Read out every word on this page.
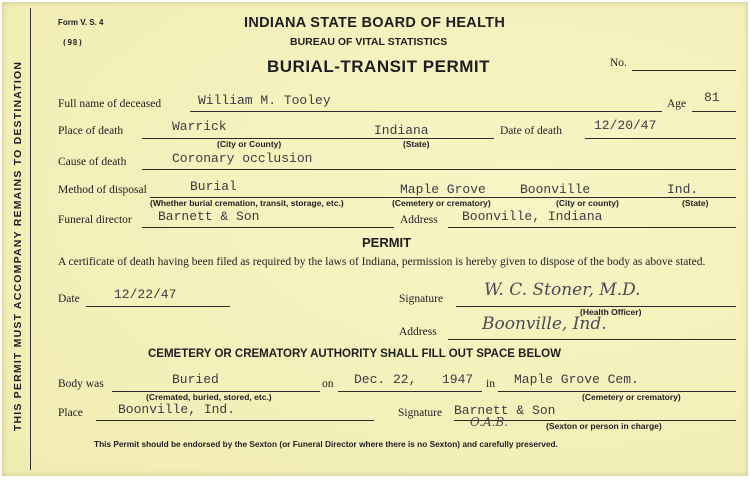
THIS PERMIT MUST ACCOMPANY REMAINS TO DESTINATION
Form V. S. 4
(98)
INDIANA STATE BOARD OF HEALTH
BUREAU OF VITAL STATISTICS
BURIAL-TRANSIT PERMIT	No.
Full name of deceased	William M. Tooley	Age 81
Place of death	Warrick
(City or County)
Indiana
(State)
Date of death 12/20/47
Cause of death	Coronary occlusion
Method of disposal	Burial
(Whether burial cremation, transit, storage, etc.)
Maple Grove
(Cemetery or crematory)
Boonville
(City or county)
Ind.
(State)
Funeral director Barnett & Son	Address Boonville, Indiana
PERMIT
A certificate of death having been filed as required by the laws of Indiana, permission is hereby given to dispose of the body as above stated.
Date	12/22/47	Signature W. C. Stoner, M.D.
(Health Officer)
Address	Boonville, Ind.
CEMETERY OR CREMATORY AUTHORITY SHALL FILL OUT SPACE BELOW
Body was	Buried
(Cremated, buried, stored, etc.)
on Dec. 22, 1947 in Maple Grove Cem.
(Cemetery or crematory)
Place	Boonville, Ind.	Signature Barnett & Son
O.A.B.	(Sexton or person in charge)
This Permit should be endorsed by the Sexton (or Funeral Director where there is no Sexton) and carefully preserved.
